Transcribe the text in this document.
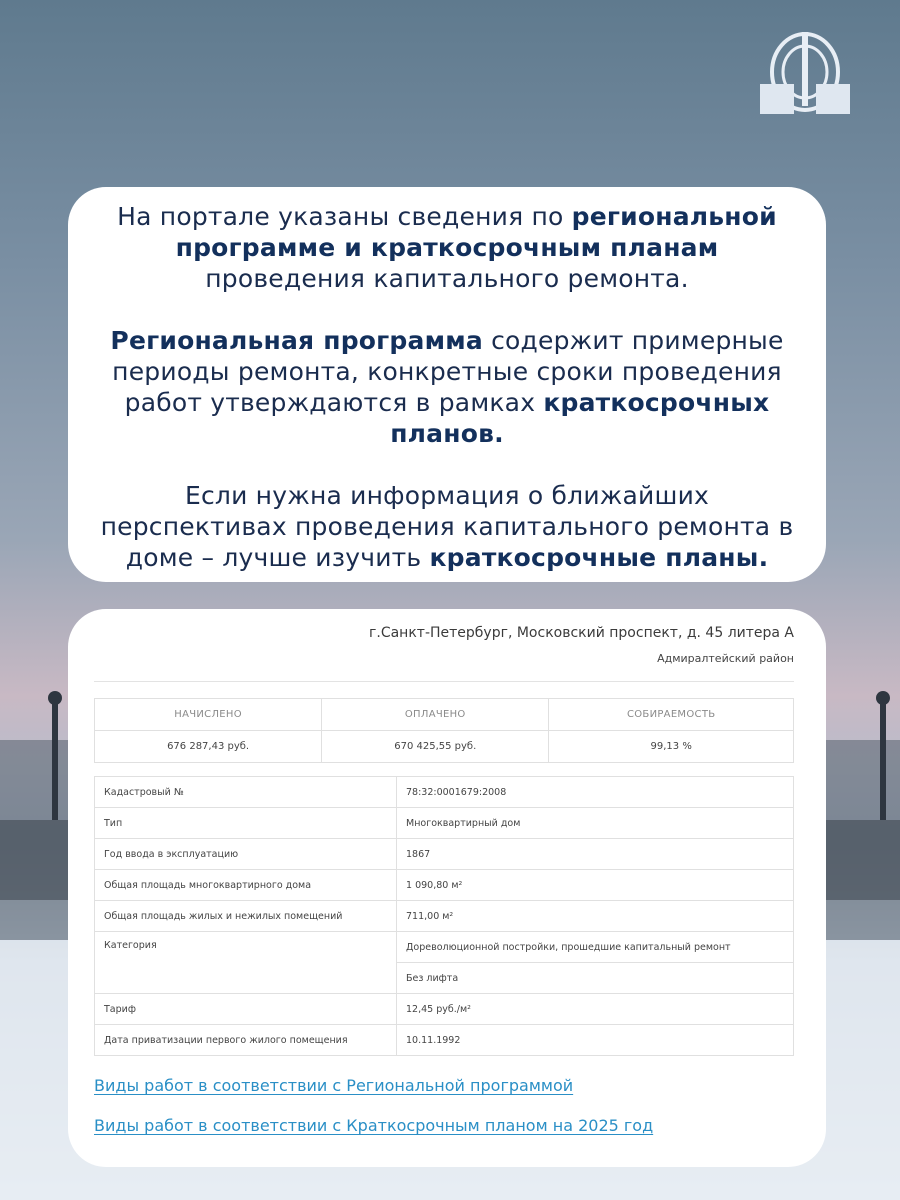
На портале указаны сведения по региональной программе и краткосрочным планам проведения капитального ремонта.

Региональная программа содержит примерные периоды ремонта, конкретные сроки проведения работ утверждаются в рамках краткосрочных планов.

Если нужна информация о ближайших перспективах проведения капитального ремонта в доме – лучше изучить краткосрочные планы.

г.Санкт-Петербург, Московский проспект, д. 45 литера А
Адмиралтейский район
НАЧИСЛЕНО	ОПЛАЧЕНО	СОБИРАЕМОСТЬ
676 287,43 руб.	670 425,55 руб.	99,13 %
Кадастровый №	78:32:0001679:2008
Тип	Многоквартирный дом
Год ввода в эксплуатацию	1867
Общая площадь многоквартирного дома	1 090,80 м²
Общая площадь жилых и нежилых помещений	711,00 м²
Категория	Дореволюционной постройки, прошедшие капитальный ремонт
	Без лифта
Тариф	12,45 руб./м²
Дата приватизации первого жилого помещения	10.11.1992
Виды работ в соответствии с Региональной программой
Виды работ в соответствии с Краткосрочным планом на 2025 год
